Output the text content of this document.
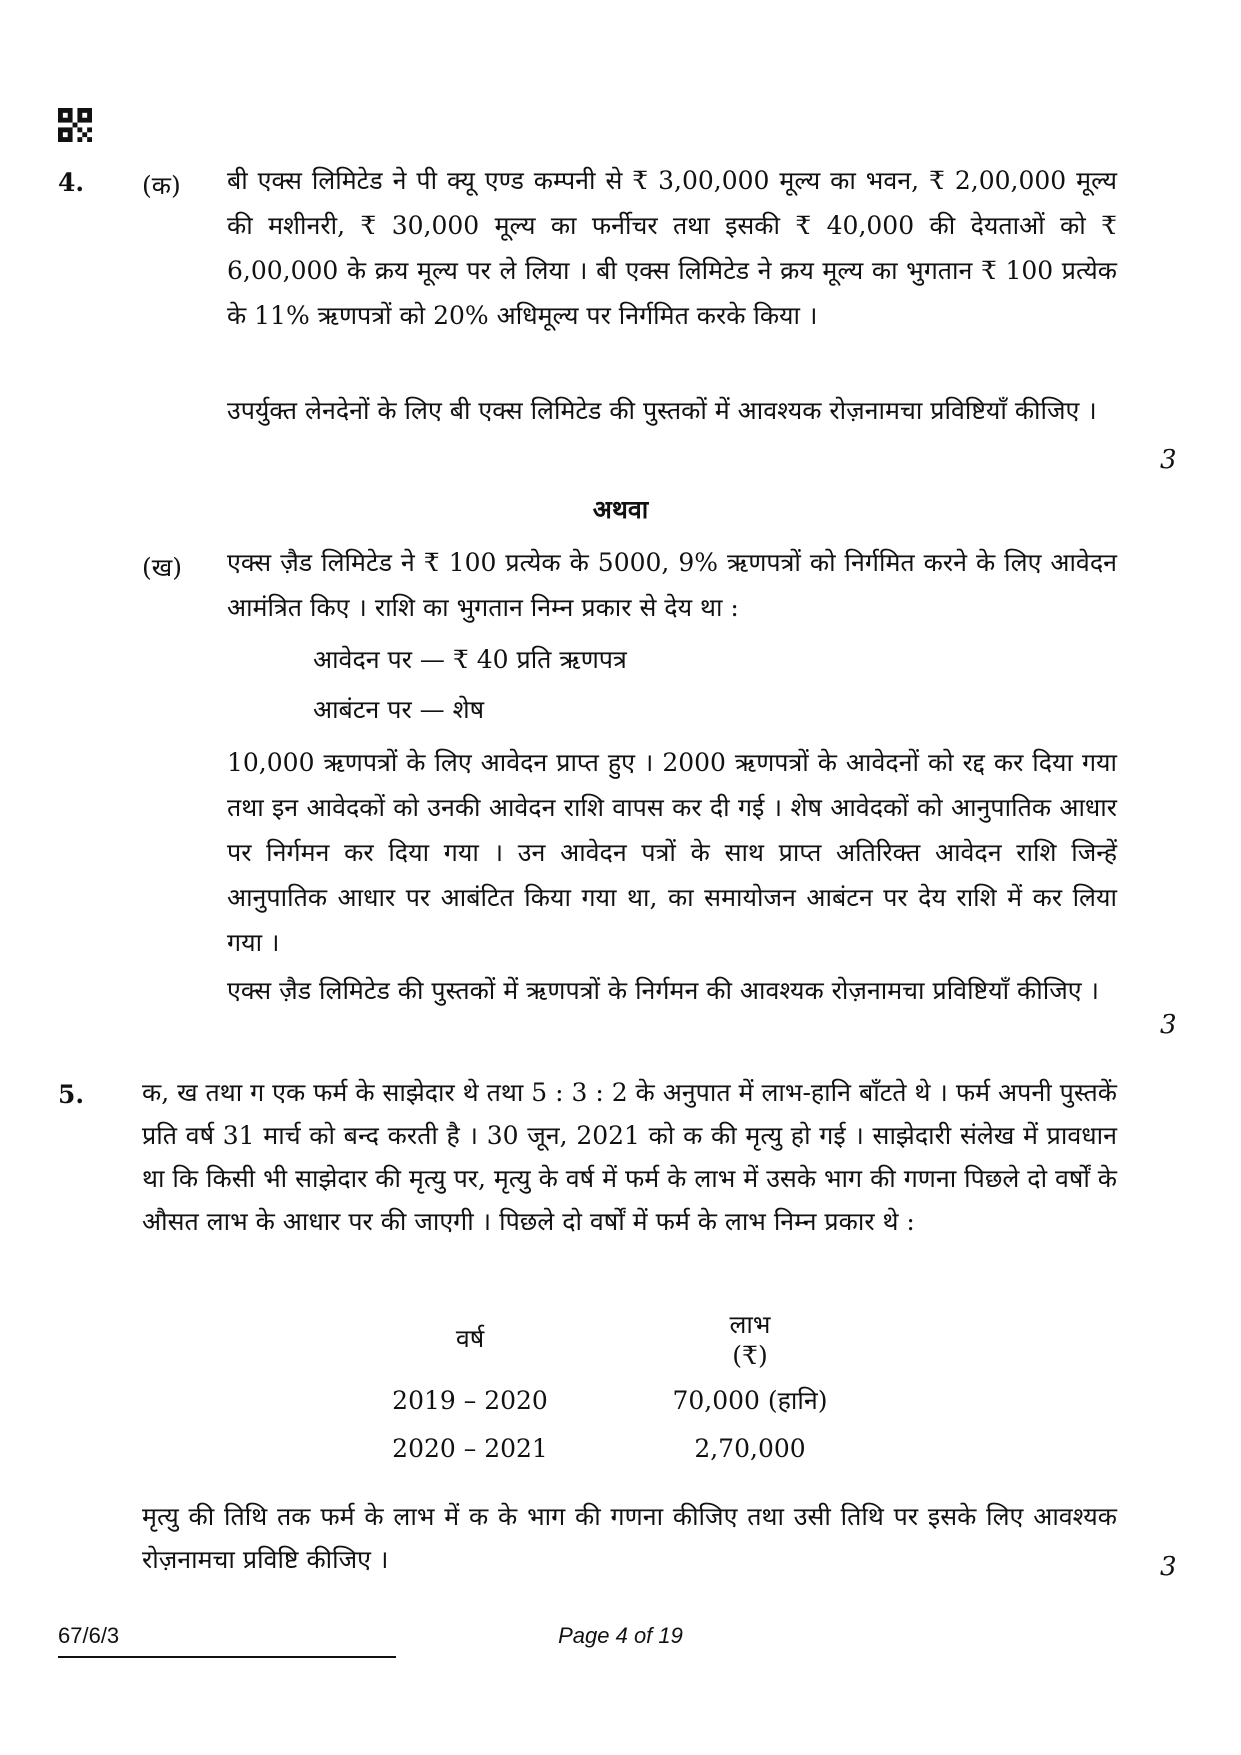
4. (क) बी एक्स लिमिटेड ने पी क्यू एण्ड कम्पनी से ₹ 3,00,000 मूल्य का भवन, ₹ 2,00,000 मूल्य की मशीनरी, ₹ 30,000 मूल्य का फर्नीचर तथा इसकी ₹ 40,000 की देयताओं को ₹ 6,00,000 के क्रय मूल्य पर ले लिया । बी एक्स लिमिटेड ने क्रय मूल्य का भुगतान ₹ 100 प्रत्येक के 11% ऋणपत्रों को 20% अधिमूल्य पर निर्गमित करके किया ।
उपर्युक्त लेनदेनों के लिए बी एक्स लिमिटेड की पुस्तकों में आवश्यक रोज़नामचा प्रविष्टियाँ कीजिए ।
3
अथवा
(ख) एक्स ज़ैड लिमिटेड ने ₹ 100 प्रत्येक के 5000, 9% ऋणपत्रों को निर्गमित करने के लिए आवेदन आमंत्रित किए । राशि का भुगतान निम्न प्रकार से देय था :
आवेदन पर — ₹ 40 प्रति ऋणपत्र
आबंटन पर — शेष
10,000 ऋणपत्रों के लिए आवेदन प्राप्त हुए । 2000 ऋणपत्रों के आवेदनों को रद्द कर दिया गया तथा इन आवेदकों को उनकी आवेदन राशि वापस कर दी गई । शेष आवेदकों को आनुपातिक आधार पर निर्गमन कर दिया गया । उन आवेदन पत्रों के साथ प्राप्त अतिरिक्त आवेदन राशि जिन्हें आनुपातिक आधार पर आबंटित किया गया था, का समायोजन आबंटन पर देय राशि में कर लिया गया ।
एक्स ज़ैड लिमिटेड की पुस्तकों में ऋणपत्रों के निर्गमन की आवश्यक रोज़नामचा प्रविष्टियाँ कीजिए ।
3
5. क, ख तथा ग एक फर्म के साझेदार थे तथा 5 : 3 : 2 के अनुपात में लाभ-हानि बाँटते थे । फर्म अपनी पुस्तकें प्रति वर्ष 31 मार्च को बन्द करती है । 30 जून, 2021 को क की मृत्यु हो गई । साझेदारी संलेख में प्रावधान था कि किसी भी साझेदार की मृत्यु पर, मृत्यु के वर्ष में फर्म के लाभ में उसके भाग की गणना पिछले दो वर्षों के औसत लाभ के आधार पर की जाएगी । पिछले दो वर्षों में फर्म के लाभ निम्न प्रकार थे :
वर्ष	लाभ
(₹)
2019 – 2020	70,000 (हानि)
2020 – 2021	2,70,000
मृत्यु की तिथि तक फर्म के लाभ में क के भाग की गणना कीजिए तथा उसी तिथि पर इसके लिए आवश्यक रोज़नामचा प्रविष्टि कीजिए ।	3
67/6/3	Page 4 of 19
